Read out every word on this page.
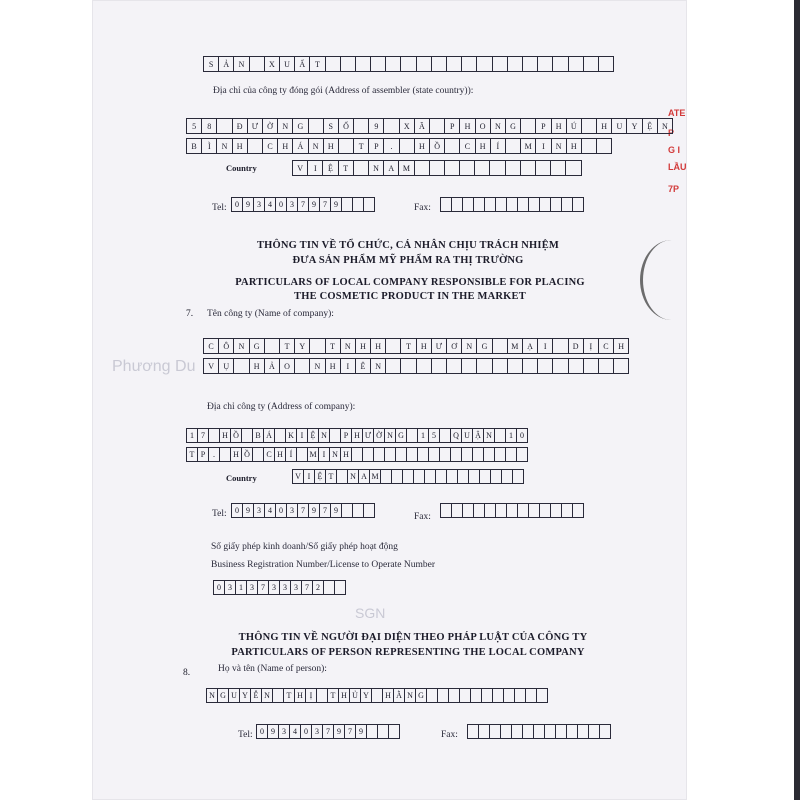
ATE
P
G I
LẦU
7P
Phương Du
SGN
S	Ả	N	X	U	Ấ	T
Địa chỉ của công ty đóng gói (Address of assembler (state country)):
5	8	Đ	Ư	Ờ	N	G	S	Ố	9	X	Ã	P	H	O	N	G	P	H	Ú	H	U	Y	Ệ	N
B	Ì	N	H	C	H	Á	N	H	T	P	.	H	Ồ	C	H	Í	M	I	N	H
Country	V	I	Ệ	T	N	A	M
Tel:	0 9 3 4 0 3 7 9 7 9	Fax:
THÔNG TIN VỀ TỔ CHỨC, CÁ NHÂN CHỊU TRÁCH NHIỆM
ĐƯA SẢN PHẨM MỸ PHẨM RA THỊ TRƯỜNG
PARTICULARS OF LOCAL COMPANY RESPONSIBLE FOR PLACING
THE COSMETIC PRODUCT IN THE MARKET
7. Tên công ty (Name of company):
C	Ô	N	G	T	Y	T	N	H	H	T	H	Ư	Ơ	N	G	M	Ạ	I	D	Ị	C	H
V	Ụ	H	Ả	O	N	H	I	Ê	N
Địa chỉ công ty (Address of company):
1 7	H Ồ	B Á	K I Ệ N	P H Ư Ờ N G	1 5	Q U Ậ N	1 0
T P .	H Ồ	C H Í	M I N H
Country	V I Ệ T	N A M
Tel:	0 9 3 4 0 3 7 9 7 9
Fax:
Số giấy phép kinh doanh/Số giấy phép hoạt động
Business Registration Number/License to Operate Number
0 3 1 3 7 3 3 3 7 2
THÔNG TIN VỀ NGƯỜI ĐẠI DIỆN THEO PHÁP LUẬT CỦA CÔNG TY
PARTICULARS OF PERSON REPRESENTING THE LOCAL COMPANY
8.	Họ và tên (Name of person):
N G U Y Ễ N	T H Ị	T H Ủ Y	H Ằ N G
Tel: 0 9 3 4 0 3 7 9 7 9	Fax:
